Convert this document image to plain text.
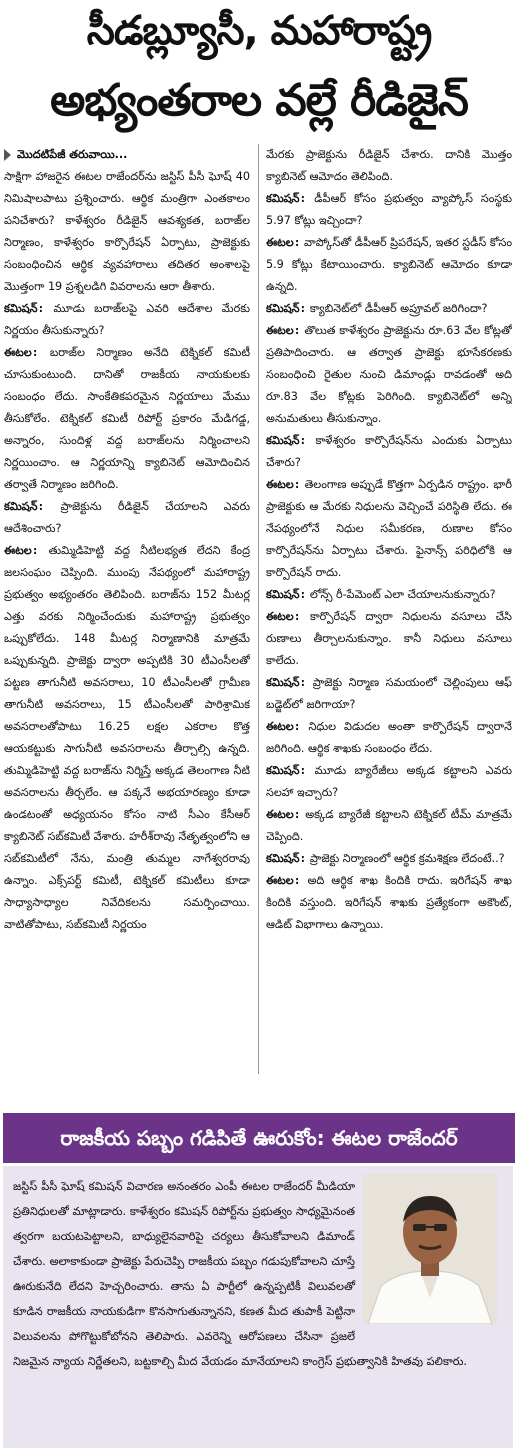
సీడబ్ల్యూసీ, మహారాష్ట్ర
అభ్యంతరాల వల్లే రీడిజైన్

మొదటిపేజీ తరువాయి...

సాక్షిగా హాజరైన ఈటల రాజేందర్‌ను జస్టిస్ పీసీ ఘోష్ 40 నిమిషాలపాటు ప్రశ్నించారు. ఆర్థిక మంత్రిగా ఎంతకాలం పనిచేశారు? కాళేశ్వరం రీడిజైన్ ఆవశ్యకత, బరాజ్‌ల నిర్మాణం, కాళేశ్వరం కార్పొరేషన్ ఏర్పాటు, ప్రాజెక్టుకు సంబంధించిన ఆర్థిక వ్యవహారాలు తదితర అంశాలపై మొత్తంగా 19 ప్రశ్నలడిగి వివరాలను ఆరా తీశారు.

కమిషన్: మూడు బరాజ్‌లపై ఎవరి ఆదేశాల మేరకు నిర్ణయం తీసుకున్నారు?

ఈటల: బరాజ్‌ల నిర్మాణం అనేది టెక్నికల్ కమిటీ చూసుకుంటుంది. దానితో రాజకీయ నాయకులకు సంబంధం లేదు. సాంకేతికపరమైన నిర్ణయాలు మేము తీసుకోలేం. టెక్నికల్ కమిటీ రిపోర్ట్ ప్రకారం మేడిగడ్డ, అన్నారం, సుందిళ్ల వద్ద బరాజ్‌లను నిర్మించాలని నిర్ణయించాం. ఆ నిర్ణయాన్ని క్యాబినెట్ ఆమోదించిన తర్వాతే నిర్మాణం జరిగింది.

కమిషన్: ప్రాజెక్టును రీడిజైన్ చేయాలని ఎవరు ఆదేశించారు?

ఈటల: తుమ్మిడిహెట్టి వద్ద నీటిలభ్యత లేదని కేంద్ర జలసంఘం చెప్పింది. ముంపు నేపథ్యంలో మహారాష్ట్ర ప్రభుత్వం అభ్యంతరం తెలిపింది. బరాజ్‌ను 152 మీటర్ల ఎత్తు వరకు నిర్మించేందుకు మహారాష్ట్ర ప్రభుత్వం ఒప్పుకోలేదు. 148 మీటర్ల నిర్మాణానికి మాత్రమే ఒప్పుకున్నది. ప్రాజెక్టు ద్వారా అప్పటికి 30 టీఎంసీలతో పట్టణ తాగునీటి అవసరాలు, 10 టీఎంసీలతో గ్రామీణ తాగునీటి అవసరాలు, 15 టీఎంసీలతో పారిశ్రామిక అవసరాలతోపాటు 16.25 లక్షల ఎకరాల కొత్త ఆయకట్టుకు సాగునీటి అవసరాలను తీర్చాల్సి ఉన్నది. తుమ్మిడిహెట్టి వద్ద బరాజ్‌ను నిర్మిస్తే అక్కడ తెలంగాణ నీటి అవసరాలను తీర్చలేం. ఆ పక్కనే అభయారణ్యం కూడా ఉండటంతో అధ్యయనం కోసం నాటి సీఎం కేసీఆర్ క్యాబినెట్ సబ్‌కమిటీ వేశారు. హరీశ్‌రావు నేతృత్వంలోని ఆ సబ్‌కమిటీలో నేను, మంత్రి తుమ్మల నాగేశ్వరరావు ఉన్నాం. ఎక్స్‌పర్ట్ కమిటీ, టెక్నికల్ కమిటీలు కూడా సాధ్యాసాధ్యాల నివేదికలను సమర్పించాయి. వాటితోపాటు, సబ్‌కమిటీ నిర్ణయం

మేరకు ప్రాజెక్టును రీడిజైన్ చేశారు. దానికి మొత్తం క్యాబినెట్ ఆమోదం తెలిపింది.

కమిషన్: డీపీఆర్ కోసం ప్రభుత్వం వ్యాప్కోస్ సంస్థకు 5.97 కోట్లు ఇచ్చిందా?

ఈటల: వాప్కోస్‌తో డీపీఆర్ ప్రిపరేషన్, ఇతర స్టడీస్ కోసం 5.9 కోట్లు కేటాయించారు. క్యాబినెట్ ఆమోదం కూడా ఉన్నది.

కమిషన్: క్యాబినెట్‌లో డీపీఆర్ అప్రూవల్ జరిగిందా?

ఈటల: తొలుత కాళేశ్వరం ప్రాజెక్టును రూ.63 వేల కోట్లతో ప్రతిపాదించారు. ఆ తర్వాత ప్రాజెక్టు భూసేకరణకు సంబంధించి రైతుల నుంచి డిమాండ్లు రావడంతో అది రూ.83 వేల కోట్లకు పెరిగింది. క్యాబినెట్‌లో అన్ని అనుమతులు తీసుకున్నాం.

కమిషన్: కాళేశ్వరం కార్పొరేషన్‌ను ఎందుకు ఏర్పాటు చేశారు?

ఈటల: తెలంగాణ అప్పుడే కొత్తగా ఏర్పడిన రాష్ట్రం. భారీ ప్రాజెక్టుకు ఆ మేరకు నిధులను వెచ్చించే పరిస్థితి లేదు. ఈ నేపథ్యంలోనే నిధుల సమీకరణ, రుణాల కోసం కార్పొరేషన్‌ను ఏర్పాటు చేశారు. ఫైనాన్స్ పరిధిలోకి ఆ కార్పొరేషన్ రాదు.

కమిషన్: లోన్స్ రీ-పేమెంట్ ఎలా చేయాలనుకున్నారు?

ఈటల: కార్పొరేషన్ ద్వారా నిధులను వసూలు చేసి రుణాలు తీర్చాలనుకున్నాం. కానీ నిధులు వసూలు కాలేదు.

కమిషన్: ప్రాజెక్టు నిర్మాణ సమయంలో చెల్లింపులు ఆఫ్ బడ్జెట్‌లో జరిగాయా?

ఈటల: నిధుల విడుదల అంతా కార్పొరేషన్ ద్వారానే జరిగింది. ఆర్థిక శాఖకు సంబంధం లేదు.

కమిషన్: మూడు బ్యారేజీలు అక్కడ కట్టాలని ఎవరు సలహా ఇచ్చారు?

ఈటల: అక్కడ బ్యారేజీ కట్టాలని టెక్నికల్ టీమ్ మాత్రమే చెప్పింది.

కమిషన్: ప్రాజెక్టు నిర్మాణంలో ఆర్థిక క్రమశిక్షణ లేదంటే..?

ఈటల: అది ఆర్థిక శాఖ కిందికి రాదు. ఇరిగేషన్ శాఖ కిందికి వస్తుంది. ఇరిగేషన్ శాఖకు ప్రత్యేకంగా అకౌంట్, ఆడిట్ విభాగాలు ఉన్నాయి.

రాజకీయ పబ్బం గడిపితే ఊరుకోం: ఈటల రాజేందర్
జస్టిస్ పీసీ ఘోష్ కమిషన్ విచారణ అనంతరం ఎంపీ ఈటల రాజేందర్ మీడియా ప్రతినిధులతో మాట్లాడారు. కాళేశ్వరం కమిషన్ రిపోర్ట్‌ను ప్రభుత్వం సాధ్యమైనంత త్వరగా బయటపెట్టాలని, బాధ్యులైనవారిపై చర్యలు తీసుకోవాలని డిమాండ్ చేశారు. అలాకాకుండా ప్రాజెక్టు పేరుచెప్పి రాజకీయ పబ్బం గడుపుకోవాలని చూస్తే ఊరుకునేది లేదని హెచ్చరించారు. తాను ఏ పార్టీలో ఉన్నప్పటికీ విలువలతో కూడిన రాజకీయ నాయకుడిగా కొనసాగుతున్నానని, కణత మీద తుపాకీ పెట్టినా విలువలను పోగొట్టుకోబోనని తెలిపారు. ఎవరెన్ని ఆరోపణలు చేసినా ప్రజలే నిజమైన న్యాయ నిర్ణేతలని, బట్టకాల్చి మీద వేయడం మానేయాలని కాంగ్రెస్ ప్రభుత్వానికి హితవు పలికారు.
